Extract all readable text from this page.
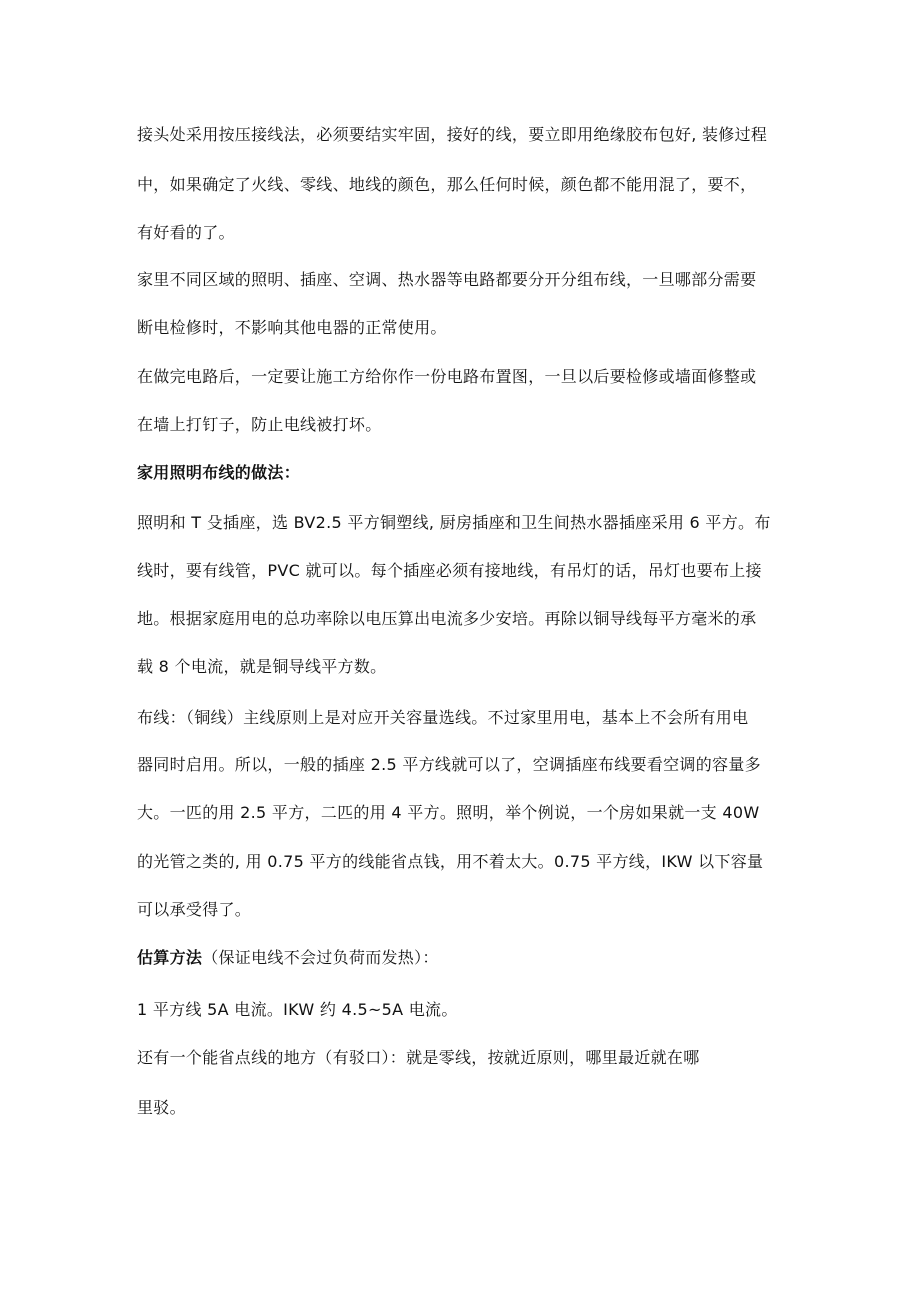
接头处采用按压接线法，必须要结实牢固，接好的线，要立即用绝缘胶布包好, 装修过程
中，如果确定了火线、零线、地线的颜色，那么任何时候，颜色都不能用混了，要不，
有好看的了。
家里不同区域的照明、插座、空调、热水器等电路都要分开分组布线，一旦哪部分需要
断电检修时，不影响其他电器的正常使用。
在做完电路后，一定要让施工方给你作一份电路布置图，一旦以后要检修或墙面修整或
在墙上打钉子，防止电线被打坏。
家用照明布线的做法：
照明和 T 殳插座，选 BV2.5 平方铜塑线, 厨房插座和卫生间热水器插座采用 6 平方。布
线时，要有线管，PVC 就可以。每个插座必须有接地线，有吊灯的话，吊灯也要布上接
地。根据家庭用电的总功率除以电压算出电流多少安培。再除以铜导线每平方毫米的承
载 8 个电流，就是铜导线平方数。
布线：（铜线）主线原则上是对应开关容量选线。不过家里用电，基本上不会所有用电
器同时启用。所以，一般的插座 2.5 平方线就可以了，空调插座布线要看空调的容量多
大。一匹的用 2.5 平方，二匹的用 4 平方。照明，举个例说，一个房如果就一支 40W
的光管之类的, 用 0.75 平方的线能省点钱，用不着太大。0.75 平方线，IKW 以下容量
可以承受得了。
估算方法（保证电线不会过负荷而发热）：
1 平方线 5A 电流。IKW 约 4.5~5A 电流。
还有一个能省点线的地方（有驳口）：就是零线，按就近原则，哪里最近就在哪
里驳。
